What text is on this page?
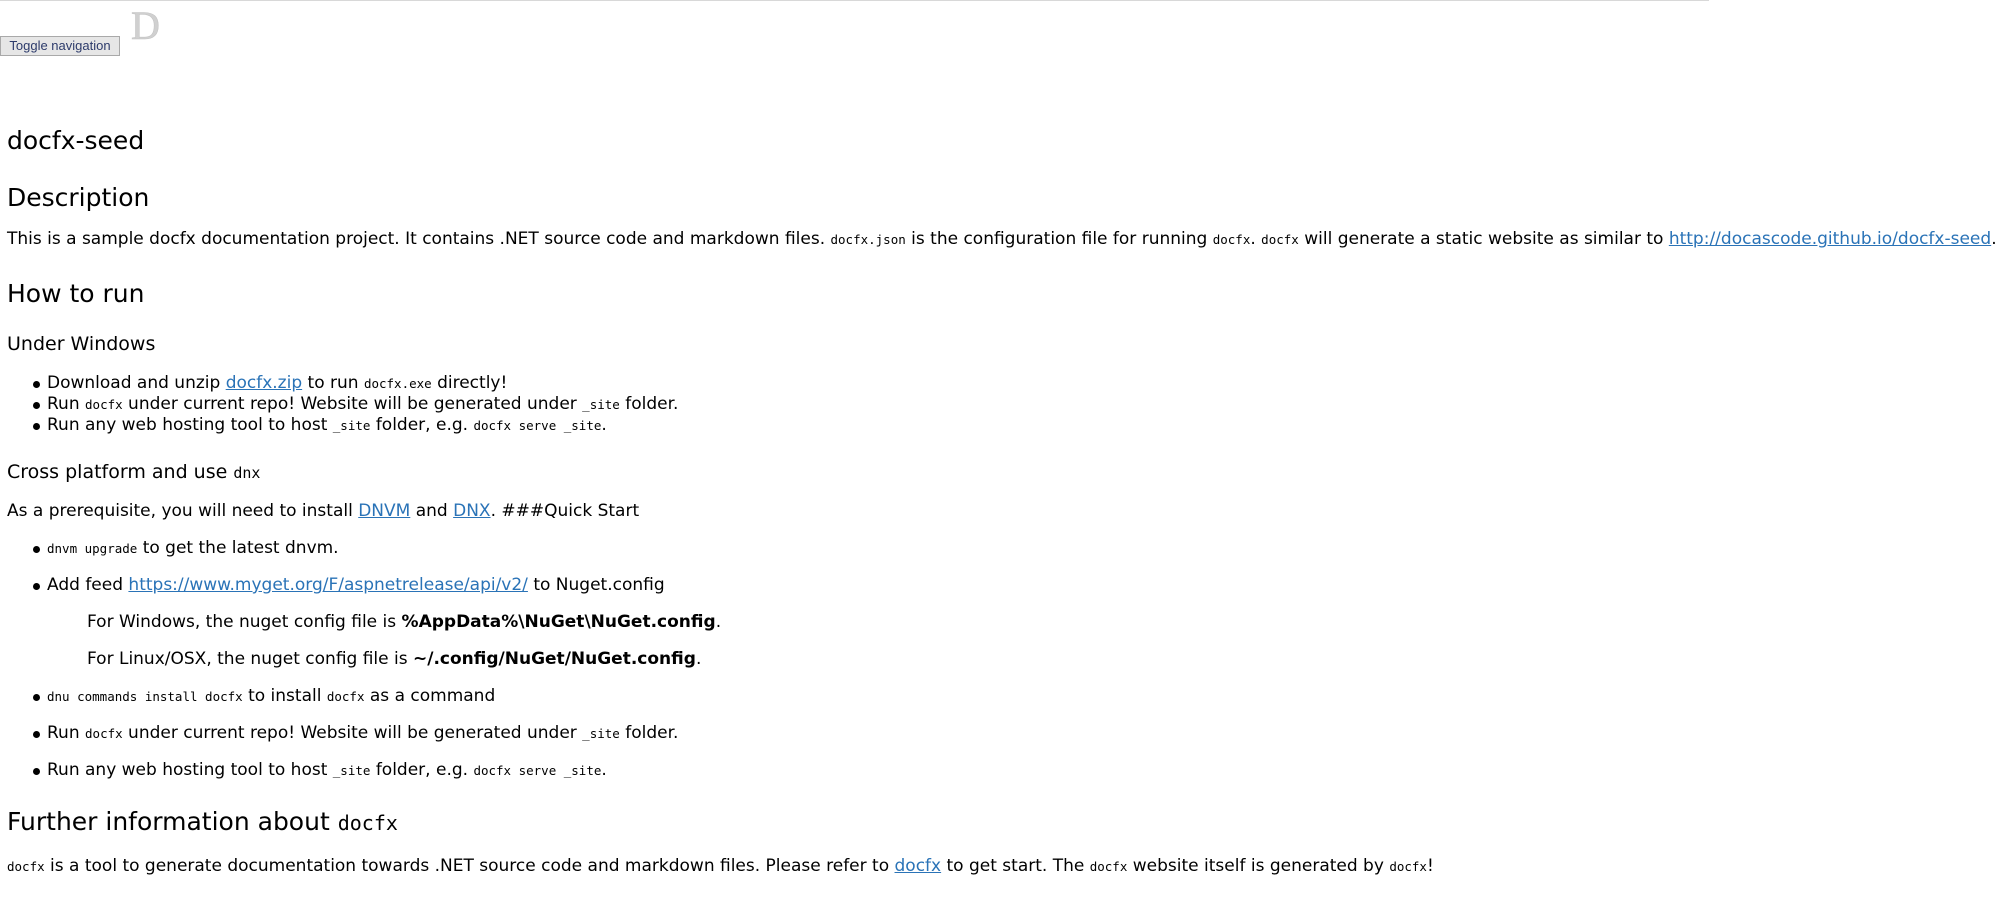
Toggle navigation D
docfx-seed
Description
This is a sample docfx documentation project. It contains .NET source code and markdown files. docfx.json is the configuration file for running docfx. docfx will generate a static website as similar to http://docascode.github.io/docfx-seed.
How to run
Under Windows
Download and unzip docfx.zip to run docfx.exe directly!
Run docfx under current repo! Website will be generated under _site folder.
Run any web hosting tool to host _site folder, e.g. docfx serve _site.
Cross platform and use dnx
As a prerequisite, you will need to install DNVM and DNX. ###Quick Start
dnvm upgrade to get the latest dnvm.
Add feed https://www.myget.org/F/aspnetrelease/api/v2/ to Nuget.config
For Windows, the nuget config file is %AppData%\NuGet\NuGet.config.
For Linux/OSX, the nuget config file is ~/.config/NuGet/NuGet.config.
dnu commands install docfx to install docfx as a command
Run docfx under current repo! Website will be generated under _site folder.
Run any web hosting tool to host _site folder, e.g. docfx serve _site.
Further information about docfx
docfx is a tool to generate documentation towards .NET source code and markdown files. Please refer to docfx to get start. The docfx website itself is generated by docfx!
